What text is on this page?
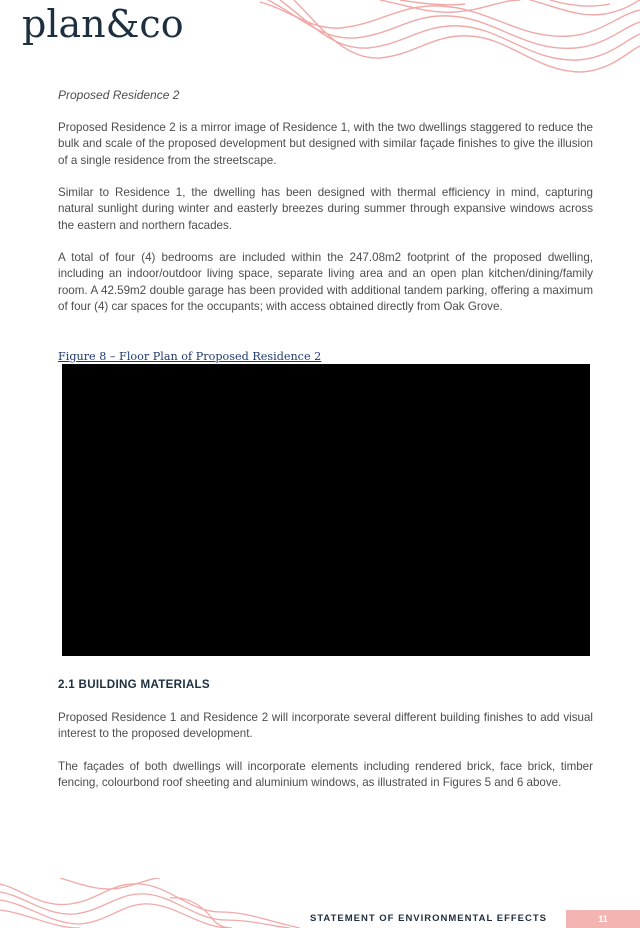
plan&co

Proposed Residence 2

Proposed Residence 2 is a mirror image of Residence 1, with the two dwellings staggered to reduce the bulk and scale of the proposed development but designed with similar façade finishes to give the illusion of a single residence from the streetscape.

Similar to Residence 1, the dwelling has been designed with thermal efficiency in mind, capturing natural sunlight during winter and easterly breezes during summer through expansive windows across the eastern and northern facades.

A total of four (4) bedrooms are included within the 247.08m2 footprint of the proposed dwelling, including an indoor/outdoor living space, separate living area and an open plan kitchen/dining/family room. A 42.59m2 double garage has been provided with additional tandem parking, offering a maximum of four (4) car spaces for the occupants; with access obtained directly from Oak Grove.

Figure 8 – Floor Plan of Proposed Residence 2

2.1 BUILDING MATERIALS

Proposed Residence 1 and Residence 2 will incorporate several different building finishes to add visual interest to the proposed development.

The façades of both dwellings will incorporate elements including rendered brick, face brick, timber fencing, colourbond roof sheeting and aluminium windows, as illustrated in Figures 5 and 6 above.

STATEMENT OF ENVIRONMENTAL EFFECTS	11
